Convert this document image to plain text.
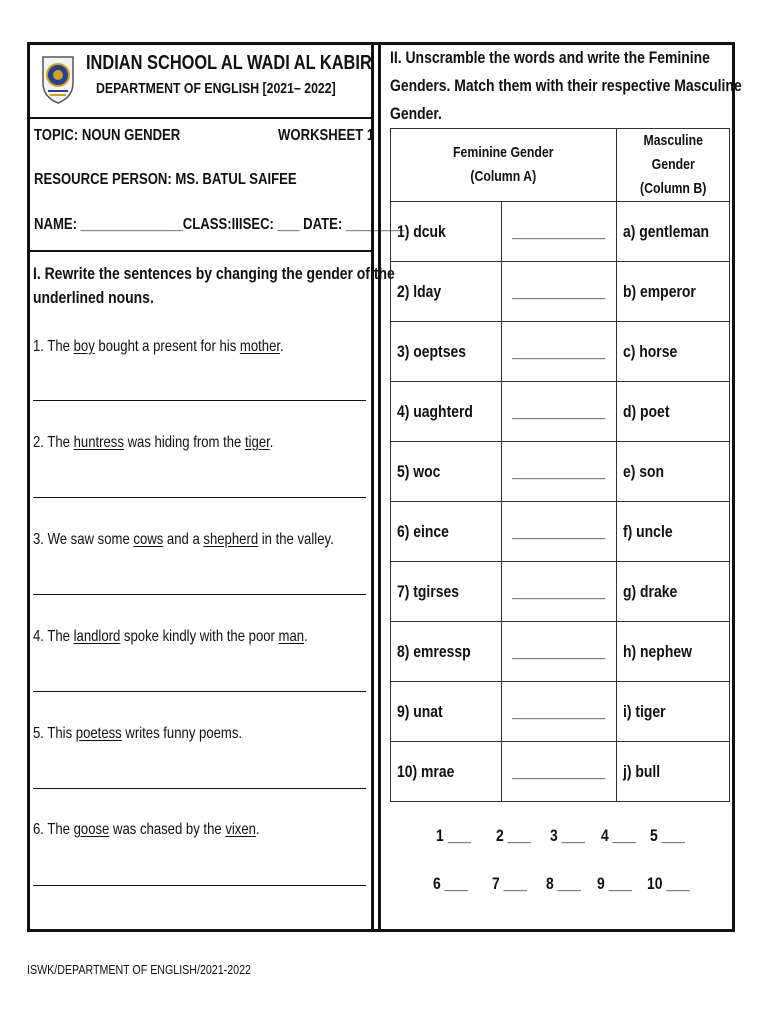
INDIAN SCHOOL AL WADI AL KABIR
DEPARTMENT OF ENGLISH [2021– 2022]
TOPIC: NOUN GENDER	WORKSHEET 1
RESOURCE PERSON: MS. BATUL SAIFEE
NAME: ______________CLASS:IIISEC: ___ DATE: ________
I. Rewrite the sentences by changing the gender of the
underlined nouns.
1. The boy bought a present for his mother.
2. The huntress was hiding from the tiger.
3. We saw some cows and a shepherd in the valley.
4. The landlord spoke kindly with the poor man.
5. This poetess writes funny poems.
6. The goose was chased by the vixen.
II. Unscramble the words and write the Feminine
Genders. Match them with their respective Masculine
Gender.
Feminine Gender
(Column A)		Masculine Gender
(Column B)
1) dcuk	____________	a) gentleman
2) lday	____________	b) emperor
3) oeptses	____________	c) horse
4) uaghterd	____________	d) poet
5) woc	____________	e) son
6) eince	____________	f) uncle
7) tgirses	____________	g) drake
8) emressp	____________	h) nephew
9) unat	____________	i) tiger
10) mrae	____________	j) bull
1 ___	2 ___	3 ___ 4 ___ 5 ___
6 ___	7 ___	8 ___ 9 ___ 10 ___
ISWK/DEPARTMENT OF ENGLISH/2021-2022
